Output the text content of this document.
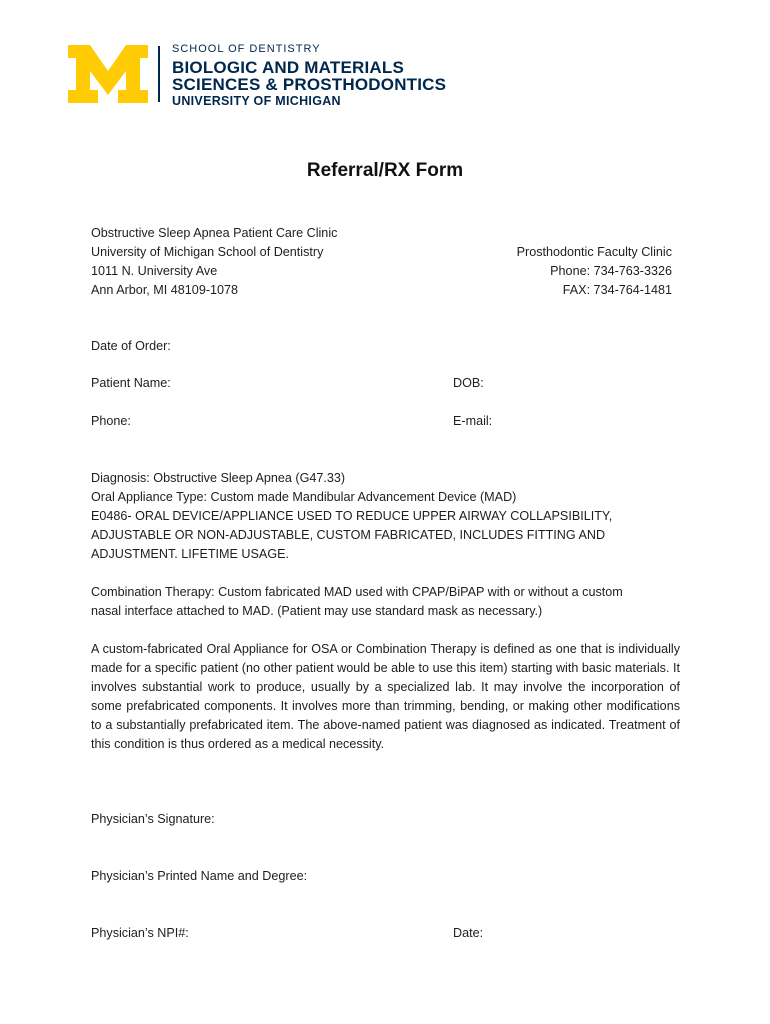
SCHOOL OF DENTISTRY
BIOLOGIC AND MATERIALS
SCIENCES & PROSTHODONTICS
UNIVERSITY OF MICHIGAN
Referral/RX Form
Obstructive Sleep Apnea Patient Care Clinic
University of Michigan School of Dentistry
1011 N. University Ave
Ann Arbor, MI 48109-1078
Prosthodontic Faculty Clinic
Phone: 734-763-3326
FAX: 734-764-1481
Date of Order:
Patient Name:	DOB:
Phone:	E-mail:
Diagnosis: Obstructive Sleep Apnea (G47.33)
Oral Appliance Type: Custom made Mandibular Advancement Device (MAD)
E0486- ORAL DEVICE/APPLIANCE USED TO REDUCE UPPER AIRWAY COLLAPSIBILITY,
ADJUSTABLE OR NON-ADJUSTABLE, CUSTOM FABRICATED, INCLUDES FITTING AND
ADJUSTMENT. LIFETIME USAGE.
Combination Therapy: Custom fabricated MAD used with CPAP/BiPAP with or without a custom
nasal interface attached to MAD. (Patient may use standard mask as necessary.)
A custom-fabricated Oral Appliance for OSA or Combination Therapy is defined as one that is individually made for a specific patient (no other patient would be able to use this item) starting with basic materials. It involves substantial work to produce, usually by a specialized lab. It may involve the incorporation of some prefabricated components. It involves more than trimming, bending, or making other modifications to a substantially prefabricated item. The above-named patient was diagnosed as indicated. Treatment of this condition is thus ordered as a medical necessity.
Physician’s Signature:
Physician’s Printed Name and Degree:
Physician’s NPI#:	Date:
